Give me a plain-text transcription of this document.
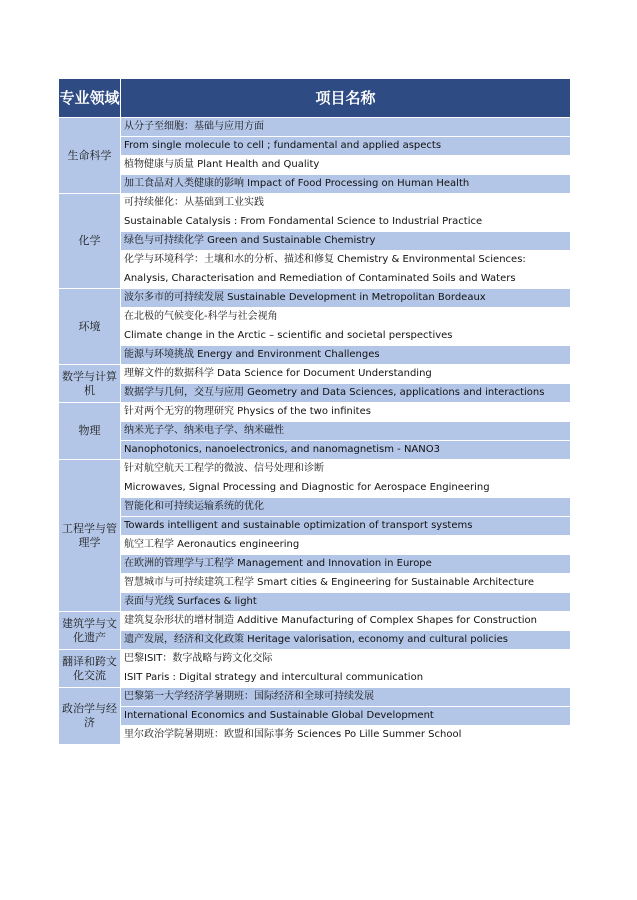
专业领域	项目名称
生命科学	从分子至细胞：基础与应用方面
	From single molecule to cell ; fundamental and applied aspects
	植物健康与质量 Plant Health and Quality
	加工食品对人类健康的影响 Impact of Food Processing on Human Health
化学	可持续催化：从基础到工业实践
	Sustainable Catalysis : From Fondamental Science to Industrial Practice
	绿色与可持续化学 Green and Sustainable Chemistry
	化学与环境科学：土壤和水的分析、描述和修复 Chemistry & Environmental Sciences:
	Analysis, Characterisation and Remediation of Contaminated Soils and Waters
环境	波尔多市的可持续发展 Sustainable Development in Metropolitan Bordeaux
	在北极的气候变化-科学与社会视角
	Climate change in the Arctic – scientific and societal perspectives
	能源与环境挑战 Energy and Environment Challenges
数学与计算机	理解文件的数据科学 Data Science for Document Understanding
	数据学与几何，交互与应用 Geometry and Data Sciences, applications and interactions
物理	针对两个无穷的物理研究 Physics of the two infinites
	纳米光子学、纳米电子学、纳米磁性
	Nanophotonics, nanoelectronics, and nanomagnetism - NANO3
工程学与管理学	针对航空航天工程学的微波、信号处理和诊断
	Microwaves, Signal Processing and Diagnostic for Aerospace Engineering
	智能化和可持续运输系统的优化
	Towards intelligent and sustainable optimization of transport systems
	航空工程学 Aeronautics engineering
	在欧洲的管理学与工程学 Management and Innovation in Europe
	智慧城市与可持续建筑工程学 Smart cities & Engineering for Sustainable Architecture
	表面与光线 Surfaces & light
建筑学与文化遗产	建筑复杂形状的增材制造 Additive Manufacturing of Complex Shapes for Construction
	遗产发展，经济和文化政策 Heritage valorisation, economy and cultural policies
翻译和跨文化交流	巴黎ISIT：数字战略与跨文化交际
	ISIT Paris : Digital strategy and intercultural communication
政治学与经济	巴黎第一大学经济学暑期班：国际经济和全球可持续发展
	International Economics and Sustainable Global Development
	里尔政治学院暑期班：欧盟和国际事务 Sciences Po Lille Summer School
